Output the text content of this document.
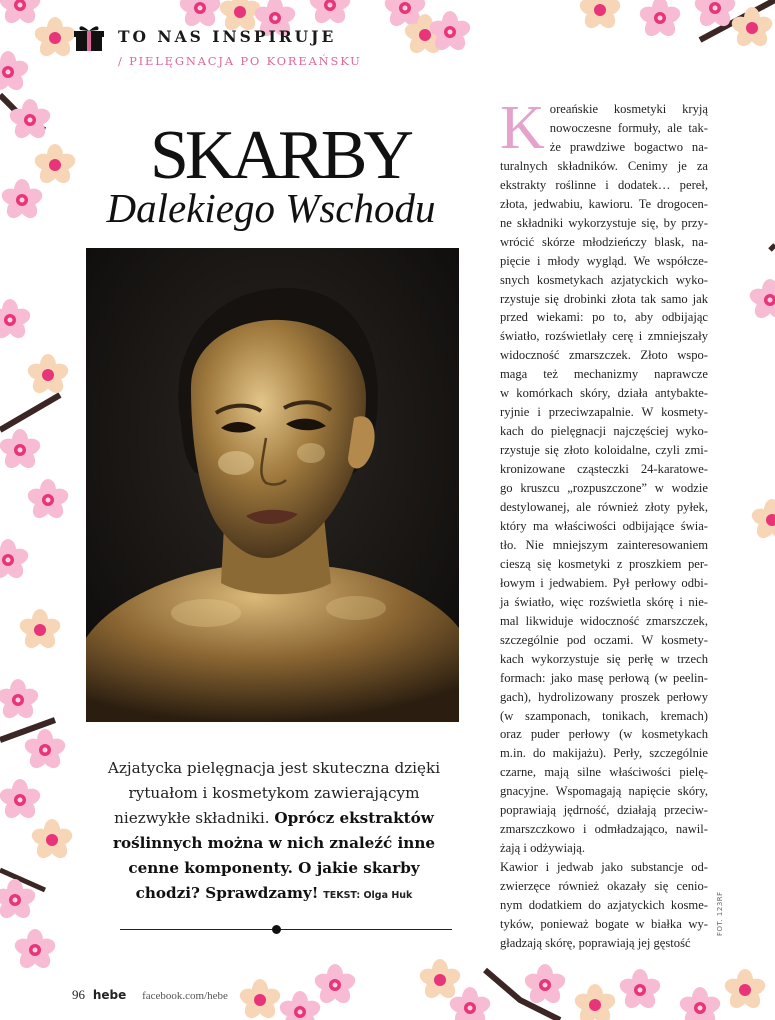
TO NAS INSPIRUJE
/ PIELĘGNACJA PO KOREAŃSKU
SKARBY
Dalekiego Wschodu
Azjatycka pielęgnacja jest skuteczna dzięki rytuałom i kosmetykom zawierającym niezwykłe składniki. Oprócz ekstraktów roślinnych można w nich znaleźć inne cenne komponenty. O jakie skarby chodzi? Sprawdzamy! TEKST: Olga Huk
K oreańskie kosmetyki kryją

nowoczesne formuły, ale tak-

że prawdziwe bogactwo na-

turalnych składników. Cenimy je za

ekstrakty roślinne i dodatek… pereł,

złota, jedwabiu, kawioru. Te drogocen-

ne składniki wykorzystuje się, by przy-

wrócić skórze młodzieńczy blask, na-

pięcie i młody wygląd. We współcze-

snych kosmetykach azjatyckich wyko-

rzystuje się drobinki złota tak samo jak

przed wiekami: po to, aby odbijając

światło, rozświetlały cerę i zmniejszały

widoczność zmarszczek. Złoto wspo-

maga też mechanizmy naprawcze

w komórkach skóry, działa antybakte-

ryjnie i przeciwzapalnie. W kosmety-

kach do pielęgnacji najczęściej wyko-

rzystuje się złoto koloidalne, czyli zmi-

kronizowane cząsteczki 24-karatowe-

go kruszcu „rozpuszczone” w wodzie

destylowanej, ale również złoty pyłek,

który ma właściwości odbijające świa-

tło. Nie mniejszym zainteresowaniem

cieszą się kosmetyki z proszkiem per-

łowym i jedwabiem. Pył perłowy odbi-

ja światło, więc rozświetla skórę i nie-

mal likwiduje widoczność zmarszczek,

szczególnie pod oczami. W kosmety-

kach wykorzystuje się perłę w trzech

formach: jako masę perłową (w peelin-

gach), hydrolizowany proszek perłowy

(w szamponach, tonikach, kremach)

oraz puder perłowy (w kosmetykach

m.in. do makijażu). Perły, szczególnie

czarne, mają silne właściwości pielę-

gnacyjne. Wspomagają napięcie skóry,

poprawiają jędrność, działają przeciw-

zmarszczkowo i odmładzająco, nawil-

żają i odżywiają.

Kawior i jedwab jako substancje od-

zwierzęce również okazały się cenio-

nym dodatkiem do azjatyckich kosme-

tyków, ponieważ bogate w białka wy-

gładzają skórę, poprawiają jej gęstość

FOT. 123RF
96 hebe facebook.com/hebe
